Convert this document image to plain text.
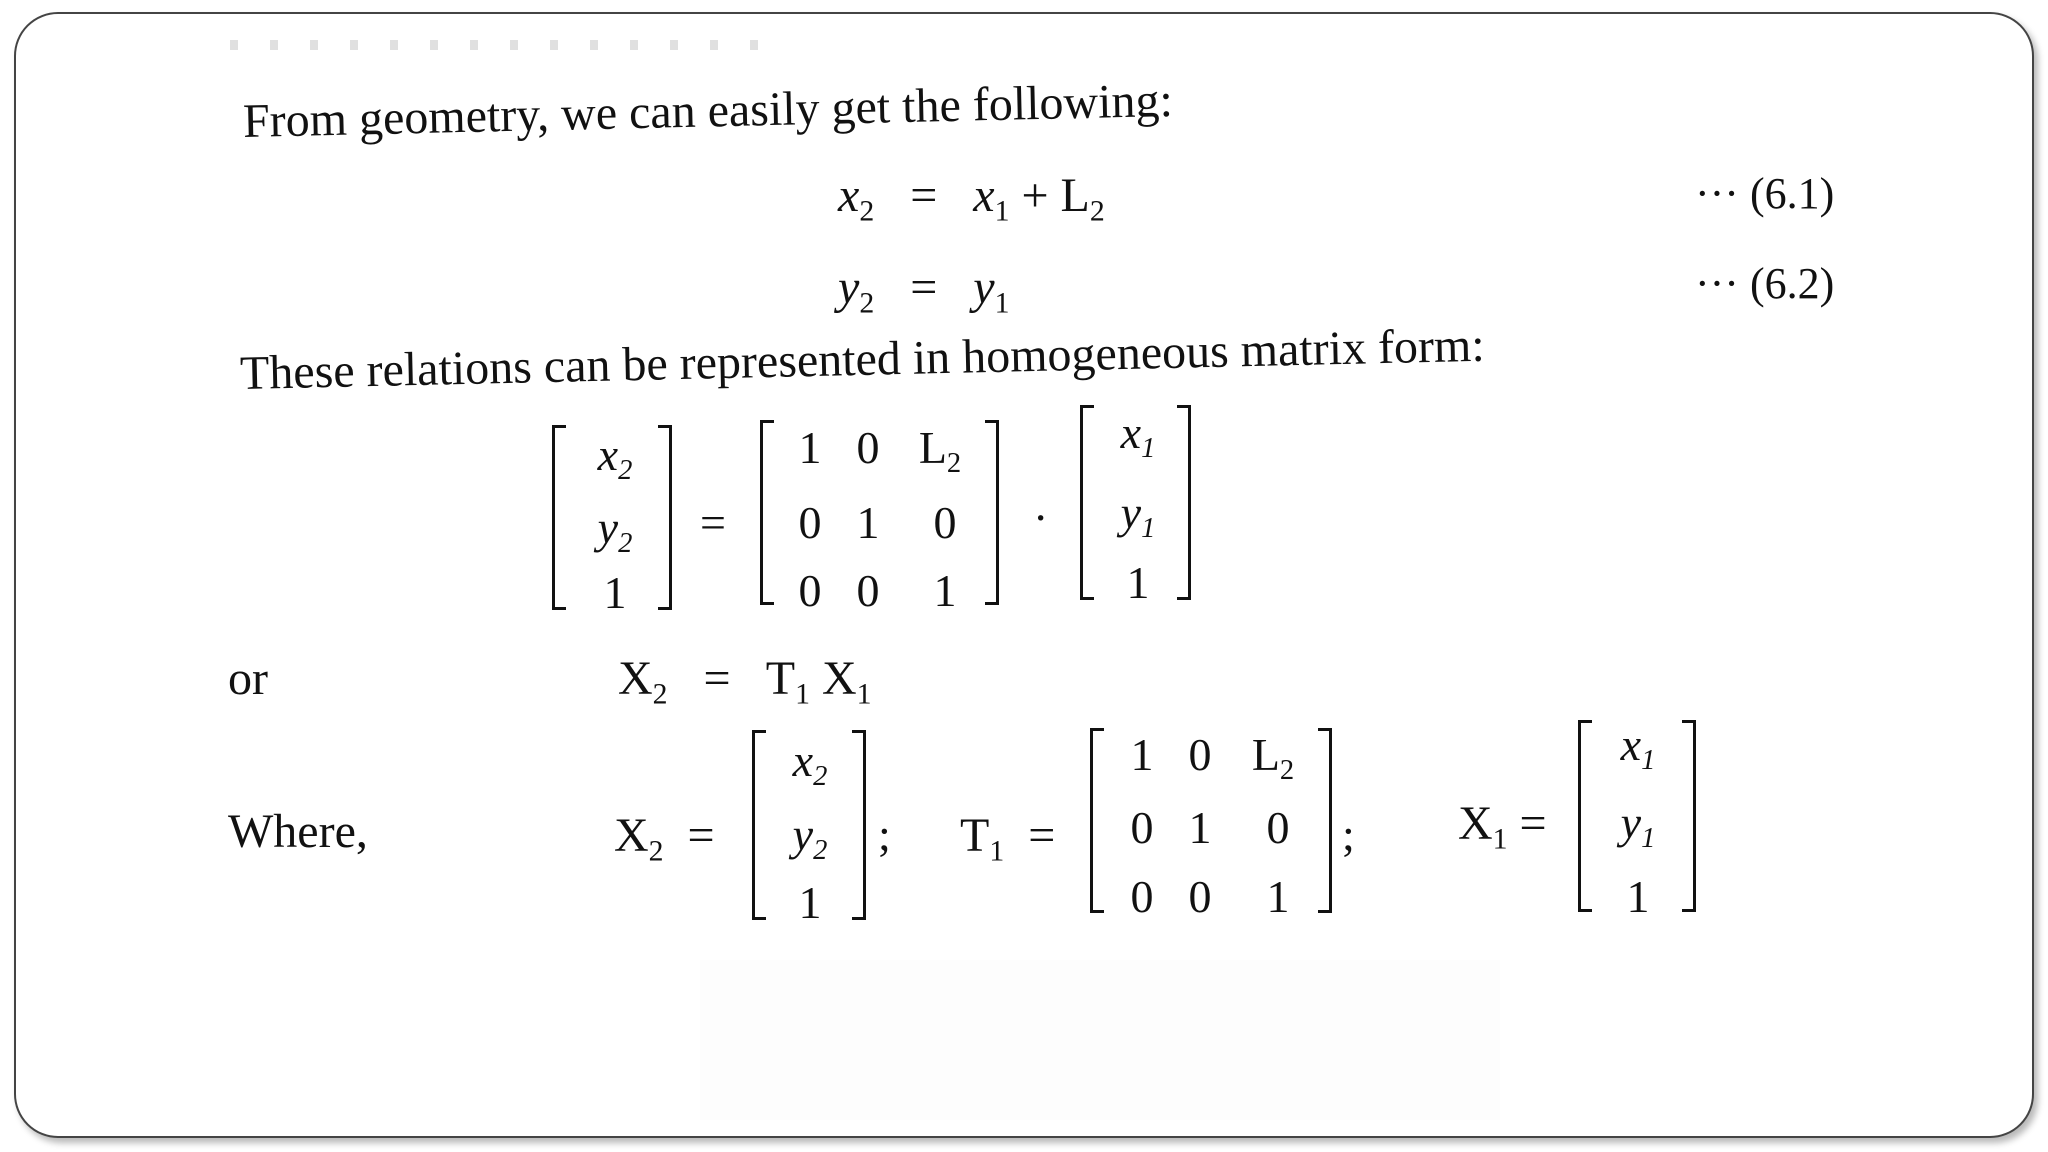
From geometry, we can easily get the following:
$x_2 = x_1 + L_2$	··· (6.1)
$y_2 = y_1$	··· (6.2)
These relations can be represented in homogeneous matrix form:
$x_2$
$y_2$
1
=
1 0 $L_2$
0 1 0
0 0 1
·
$x_1$
$y_1$
1
or	$X_2 = T_1$ $X_1$
Where,	$X_2$ =
$x_2$
$y_2$
1
; $T_1$ =
1 0 $L_2$
0 1 0
0 0 1
; $X_1$ =
$x_1$
$y_1$
1
